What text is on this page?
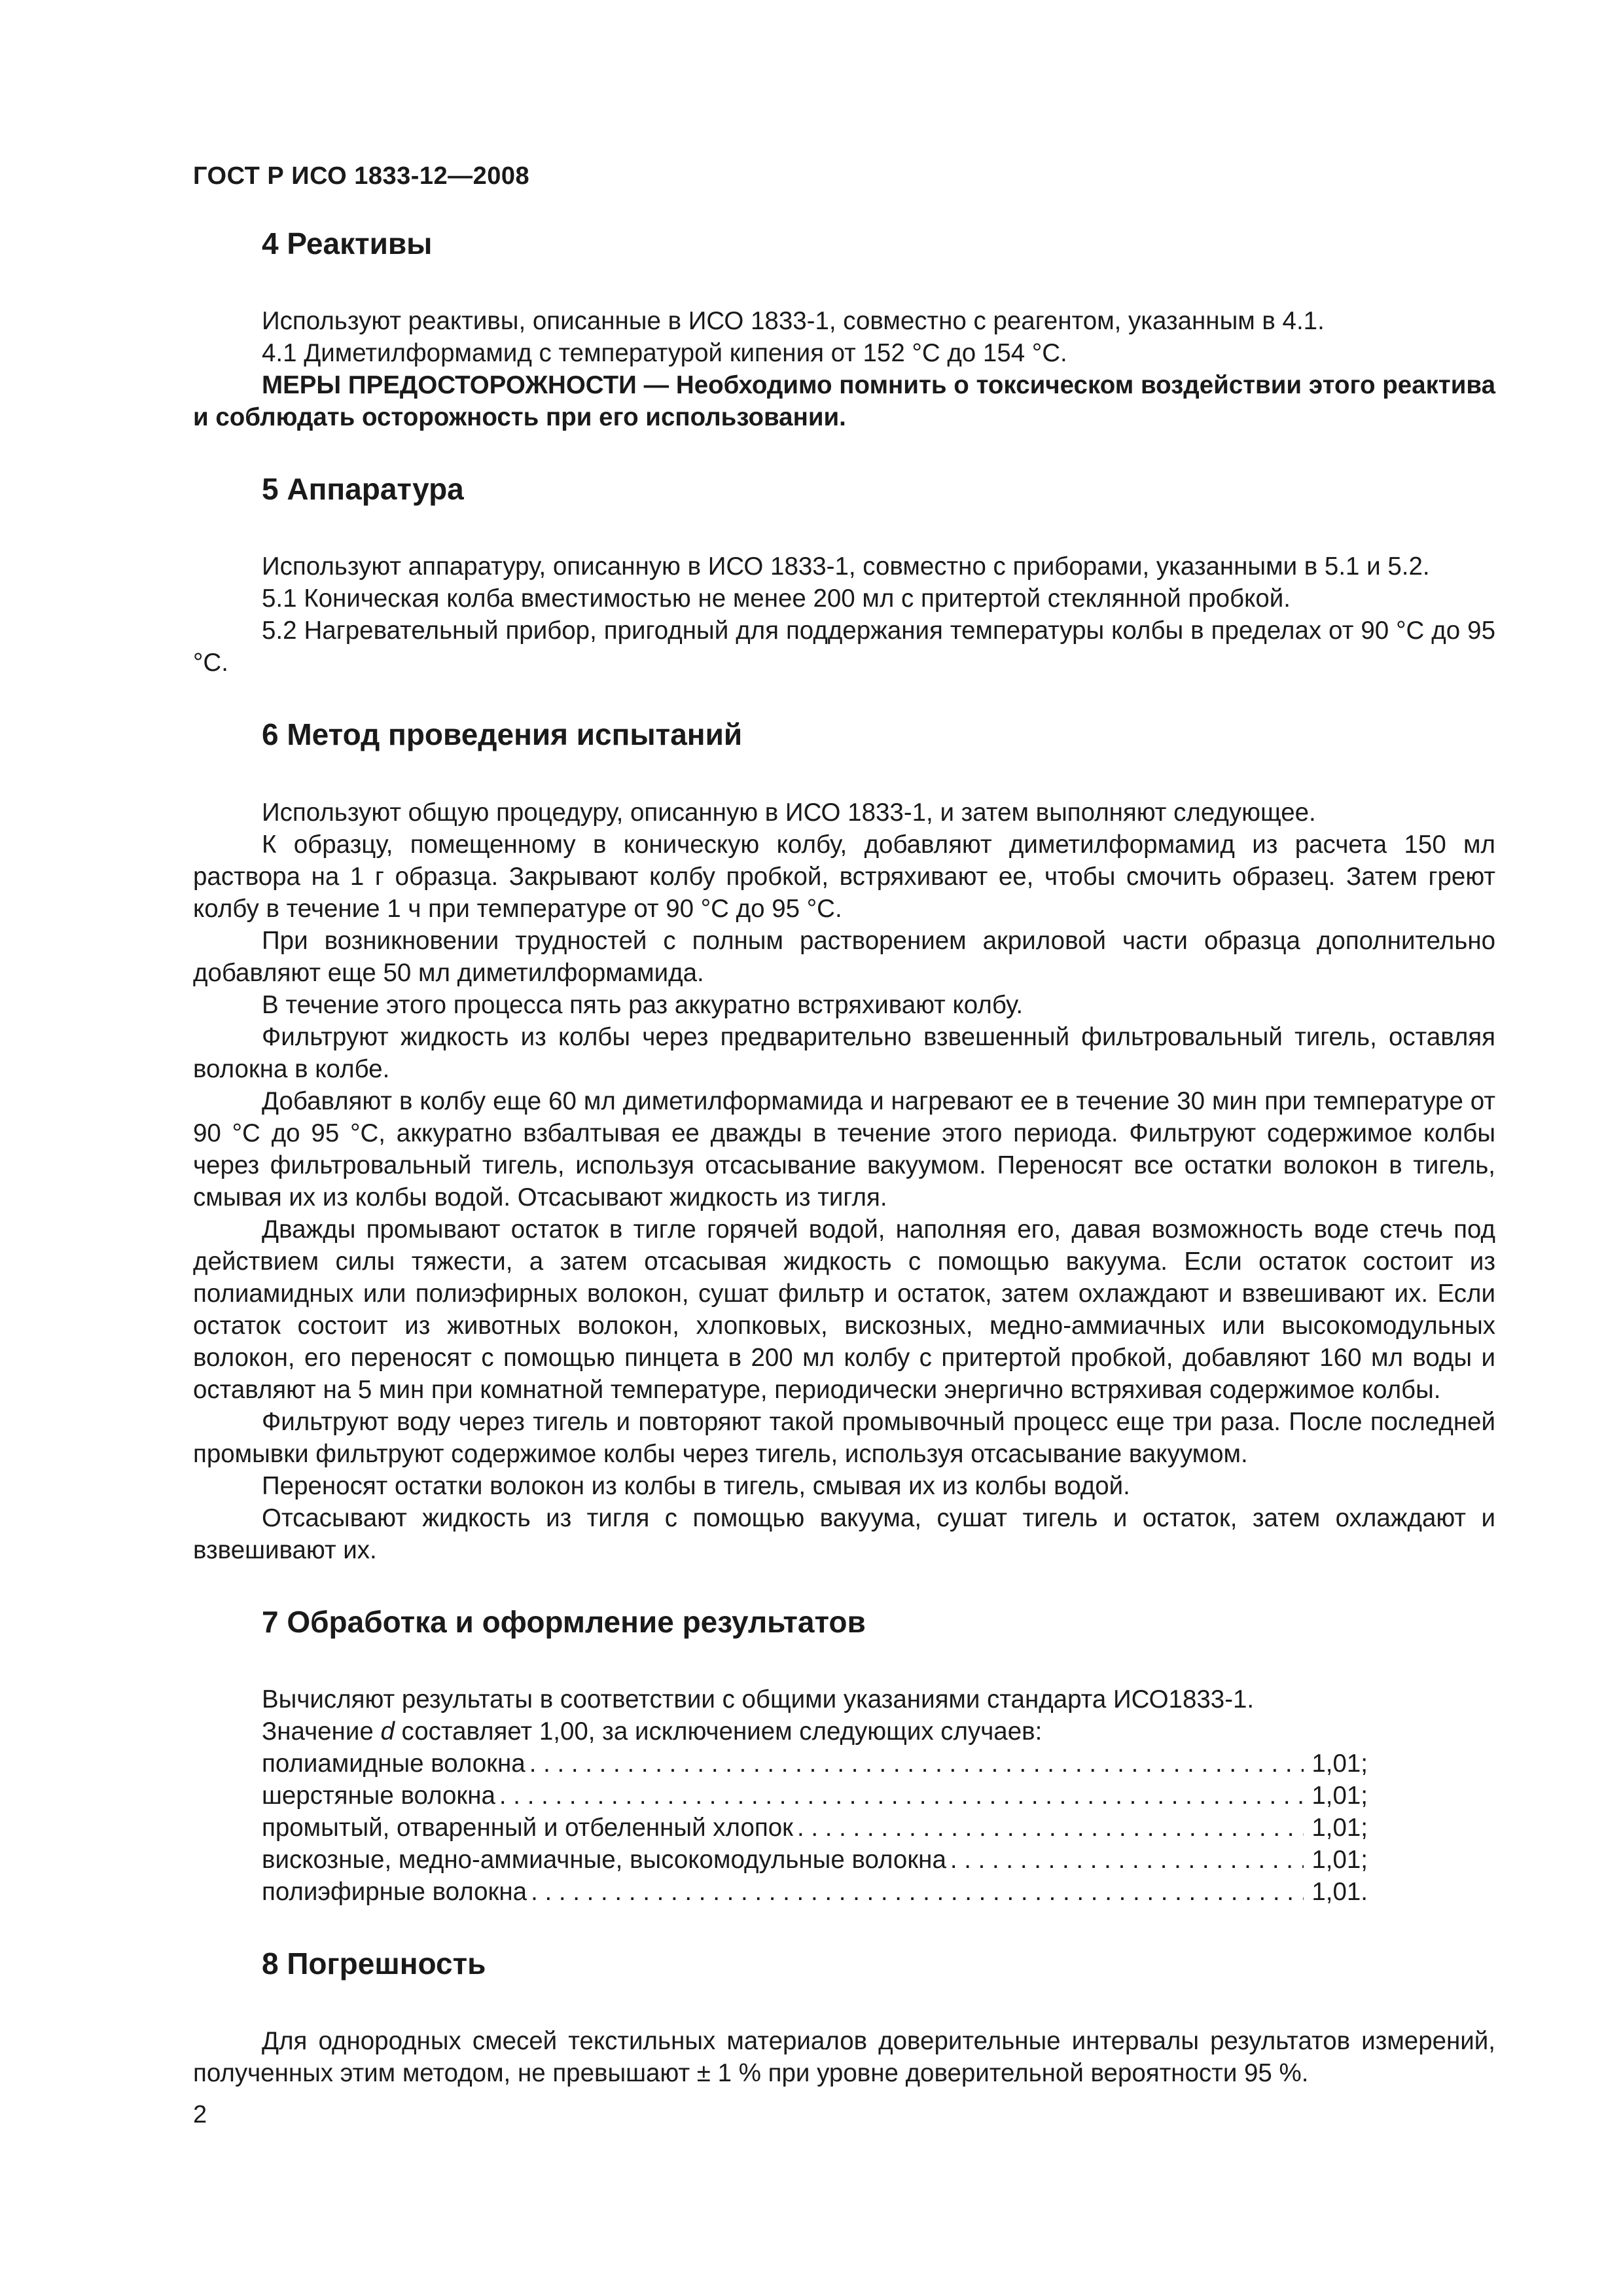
ГОСТ Р ИСО 1833-12—2008
4 Реактивы

Используют реактивы, описанные в ИСО 1833-1, совместно с реагентом, указанным в 4.1.

4.1 Диметилформамид с температурой кипения от 152 °С до 154 °С.

МЕРЫ ПРЕДОСТОРОЖНОСТИ — Необходимо помнить о токсическом воздействии этого реактива и соблюдать осторожность при его использовании.

5 Аппаратура

Используют аппаратуру, описанную в ИСО 1833-1, совместно с приборами, указанными в 5.1 и 5.2.

5.1 Коническая колба вместимостью не менее 200 мл с притертой стеклянной пробкой.

5.2 Нагревательный прибор, пригодный для поддержания температуры колбы в пределах от 90 °С до 95 °С.

6 Метод проведения испытаний

Используют общую процедуру, описанную в ИСО 1833-1, и затем выполняют следующее.

К образцу, помещенному в коническую колбу, добавляют диметилформамид из расчета 150 мл раствора на 1 г образца. Закрывают колбу пробкой, встряхивают ее, чтобы смочить образец. Затем греют колбу в течение 1 ч при температуре от 90 °С до 95 °С.

При возникновении трудностей с полным растворением акриловой части образца дополнительно добавляют еще 50 мл диметилформамида.

В течение этого процесса пять раз аккуратно встряхивают колбу.

Фильтруют жидкость из колбы через предварительно взвешенный фильтровальный тигель, оставляя волокна в колбе.

Добавляют в колбу еще 60 мл диметилформамида и нагревают ее в течение 30 мин при температуре от 90 °С до 95 °С, аккуратно взбалтывая ее дважды в течение этого периода. Фильтруют содержимое колбы через фильтровальный тигель, используя отсасывание вакуумом. Переносят все остатки волокон в тигель, смывая их из колбы водой. Отсасывают жидкость из тигля.

Дважды промывают остаток в тигле горячей водой, наполняя его, давая возможность воде стечь под действием силы тяжести, а затем отсасывая жидкость с помощью вакуума. Если остаток состоит из полиамидных или полиэфирных волокон, сушат фильтр и остаток, затем охлаждают и взвешивают их. Если остаток состоит из животных волокон, хлопковых, вискозных, медно-аммиачных или высокомодульных волокон, его переносят с помощью пинцета в 200 мл колбу с притертой пробкой, добавляют 160 мл воды и оставляют на 5 мин при комнатной температуре, периодически энергично встряхивая содержимое колбы.

Фильтруют воду через тигель и повторяют такой промывочный процесс еще три раза. После последней промывки фильтруют содержимое колбы через тигель, используя отсасывание вакуумом.

Переносят остатки волокон из колбы в тигель, смывая их из колбы водой.

Отсасывают жидкость из тигля с помощью вакуума, сушат тигель и остаток, затем охлаждают и взвешивают их.

7 Обработка и оформление результатов

Вычисляют результаты в соответствии с общими указаниями стандарта ИСО1833-1.

Значение d составляет 1,00, за исключением следующих случаев:

полиамидные волокна . . .	1,01;
шерстяные волокна . . .	1,01;
промытый, отваренный и отбеленный хлопок . . .	1,01;
вискозные, медно-аммиачные, высокомодульные волокна . . .	1,01;
полиэфирные волокна . . .	1,01.
8 Погрешность

Для однородных смесей текстильных материалов доверительные интервалы результатов измерений, полученных этим методом, не превышают ± 1 % при уровне доверительной вероятности 95 %.

2
